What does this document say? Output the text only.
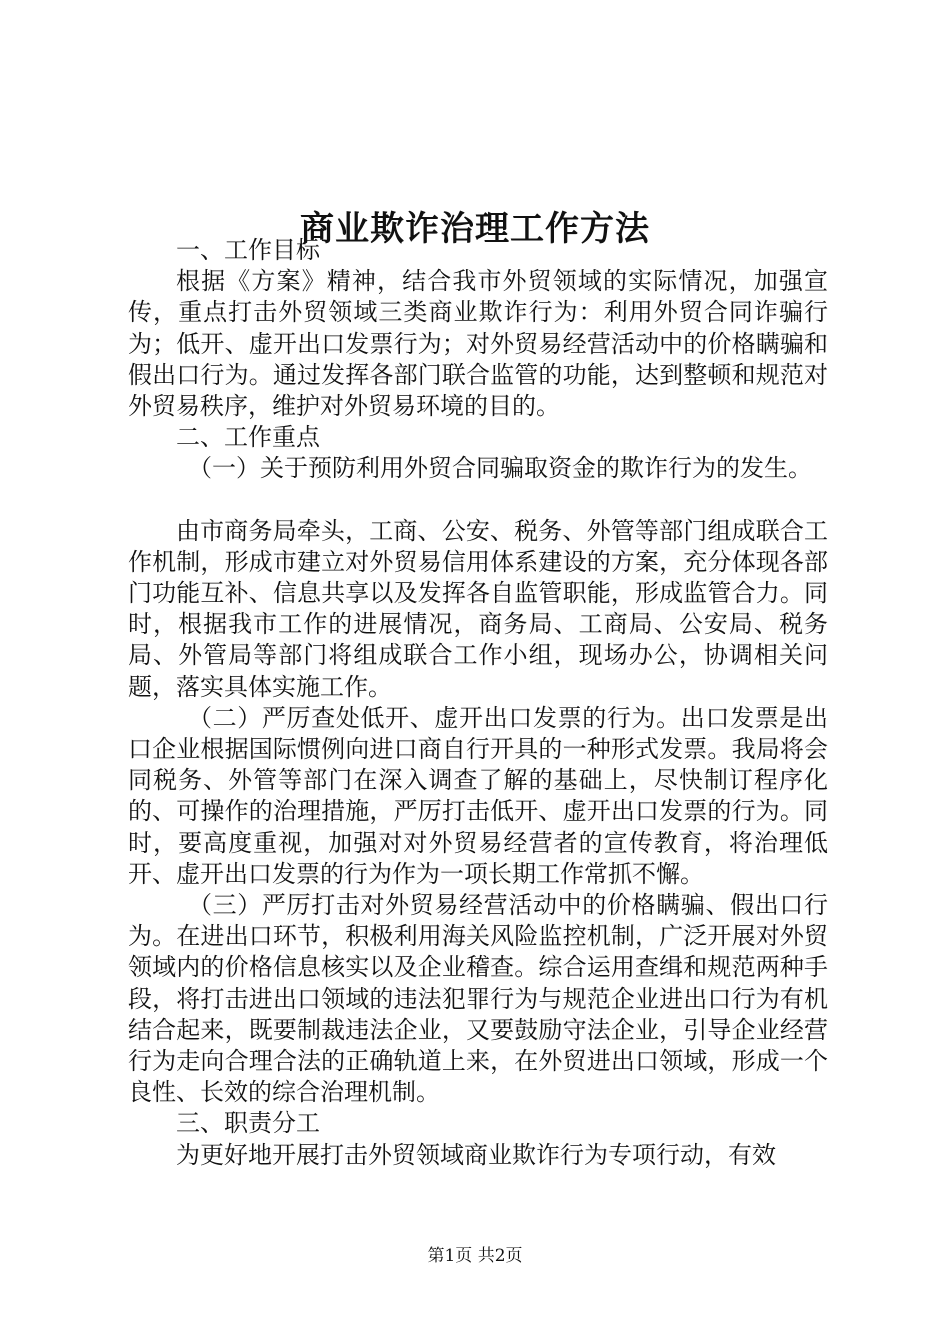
商业欺诈治理工作方法

一、工作目标

根据《方案》精神，结合我市外贸领域的实际情况，加强宣传，重点打击外贸领域三类商业欺诈行为：利用外贸合同诈骗行为；低开、虚开出口发票行为；对外贸易经营活动中的价格瞒骗和假出口行为。通过发挥各部门联合监管的功能，达到整顿和规范对外贸易秩序，维护对外贸易环境的目的。

二、工作重点

（一）关于预防利用外贸合同骗取资金的欺诈行为的发生。

由市商务局牵头，工商、公安、税务、外管等部门组成联合工作机制，形成市建立对外贸易信用体系建设的方案，充分体现各部门功能互补、信息共享以及发挥各自监管职能，形成监管合力。同时，根据我市工作的进展情况，商务局、工商局、公安局、税务局、外管局等部门将组成联合工作小组，现场办公，协调相关问题，落实具体实施工作。

（二）严厉查处低开、虚开出口发票的行为。出口发票是出口企业根据国际惯例向进口商自行开具的一种形式发票。我局将会同税务、外管等部门在深入调查了解的基础上，尽快制订程序化的、可操作的治理措施，严厉打击低开、虚开出口发票的行为。同时，要高度重视，加强对对外贸易经营者的宣传教育，将治理低开、虚开出口发票的行为作为一项长期工作常抓不懈。

（三）严厉打击对外贸易经营活动中的价格瞒骗、假出口行为。在进出口环节，积极利用海关风险监控机制，广泛开展对外贸领域内的价格信息核实以及企业稽查。综合运用查缉和规范两种手段，将打击进出口领域的违法犯罪行为与规范企业进出口行为有机结合起来，既要制裁违法企业，又要鼓励守法企业，引导企业经营行为走向合理合法的正确轨道上来，在外贸进出口领域，形成一个良性、长效的综合治理机制。

三、职责分工

为更好地开展打击外贸领域商业欺诈行为专项行动，有效

第1页 共2页
